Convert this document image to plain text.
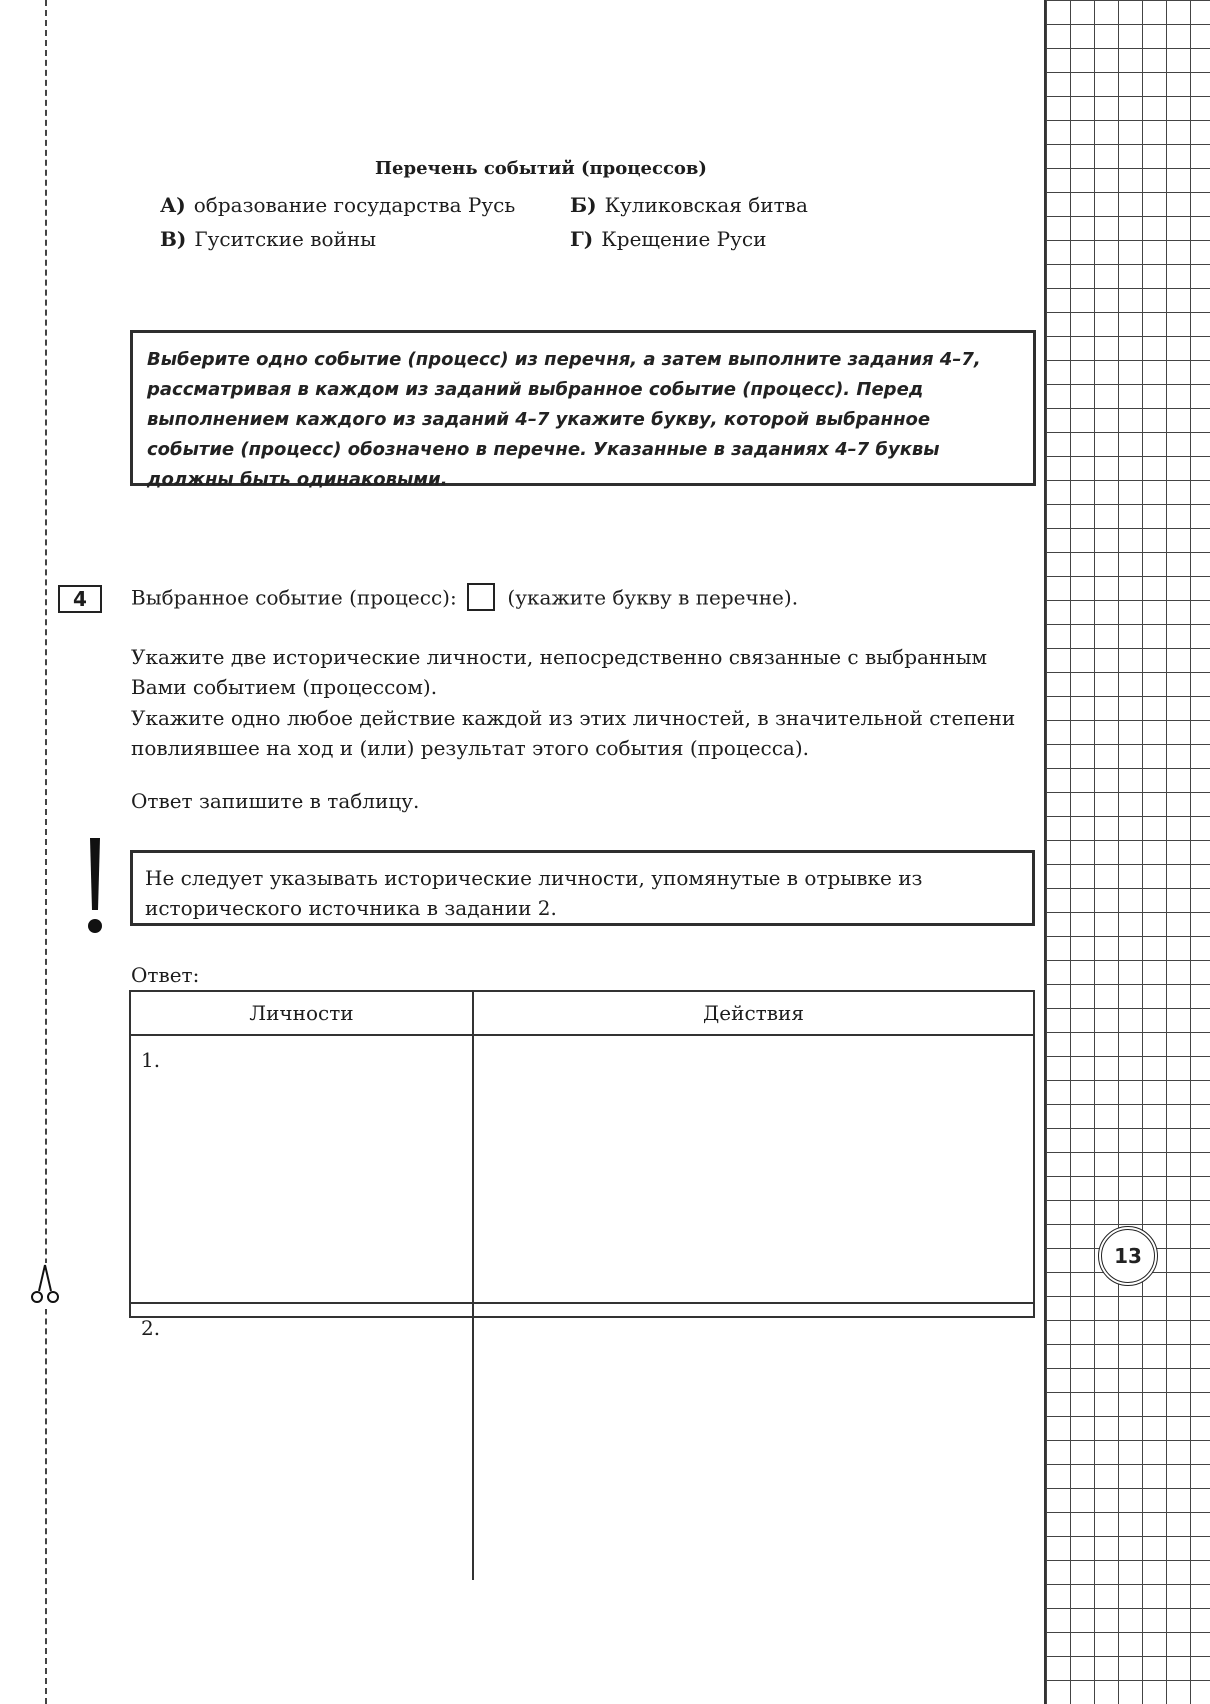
13
Перечень событий (процессов)
А) образование государства Русь	Б) Куликовская битва
В) Гуситские войны	Г) Крещение Руси
Выберите одно событие (процесс) из перечня, а затем выполните задания 4–7, рассматривая в каждом из заданий выбранное событие (процесс). Перед выполнением каждого из заданий 4–7 укажите букву, которой выбранное событие (процесс) обозначено в перечне. Указанные в заданиях 4–7 буквы должны быть одинаковыми.
4	Выбранное событие (процесс):	(укажите букву в перечне).
Укажите две исторические личности, непосредственно связанные с выбранным Вами событием (процессом).
Укажите одно любое действие каждой из этих личностей, в значительной степени повлиявшее на ход и (или) результат этого события (процесса).
Ответ запишите в таблицу.
Не следует указывать исторические личности, упомянутые в отрывке из исторического источника в задании 2.
Ответ:
Личности	Действия
1.
2.
